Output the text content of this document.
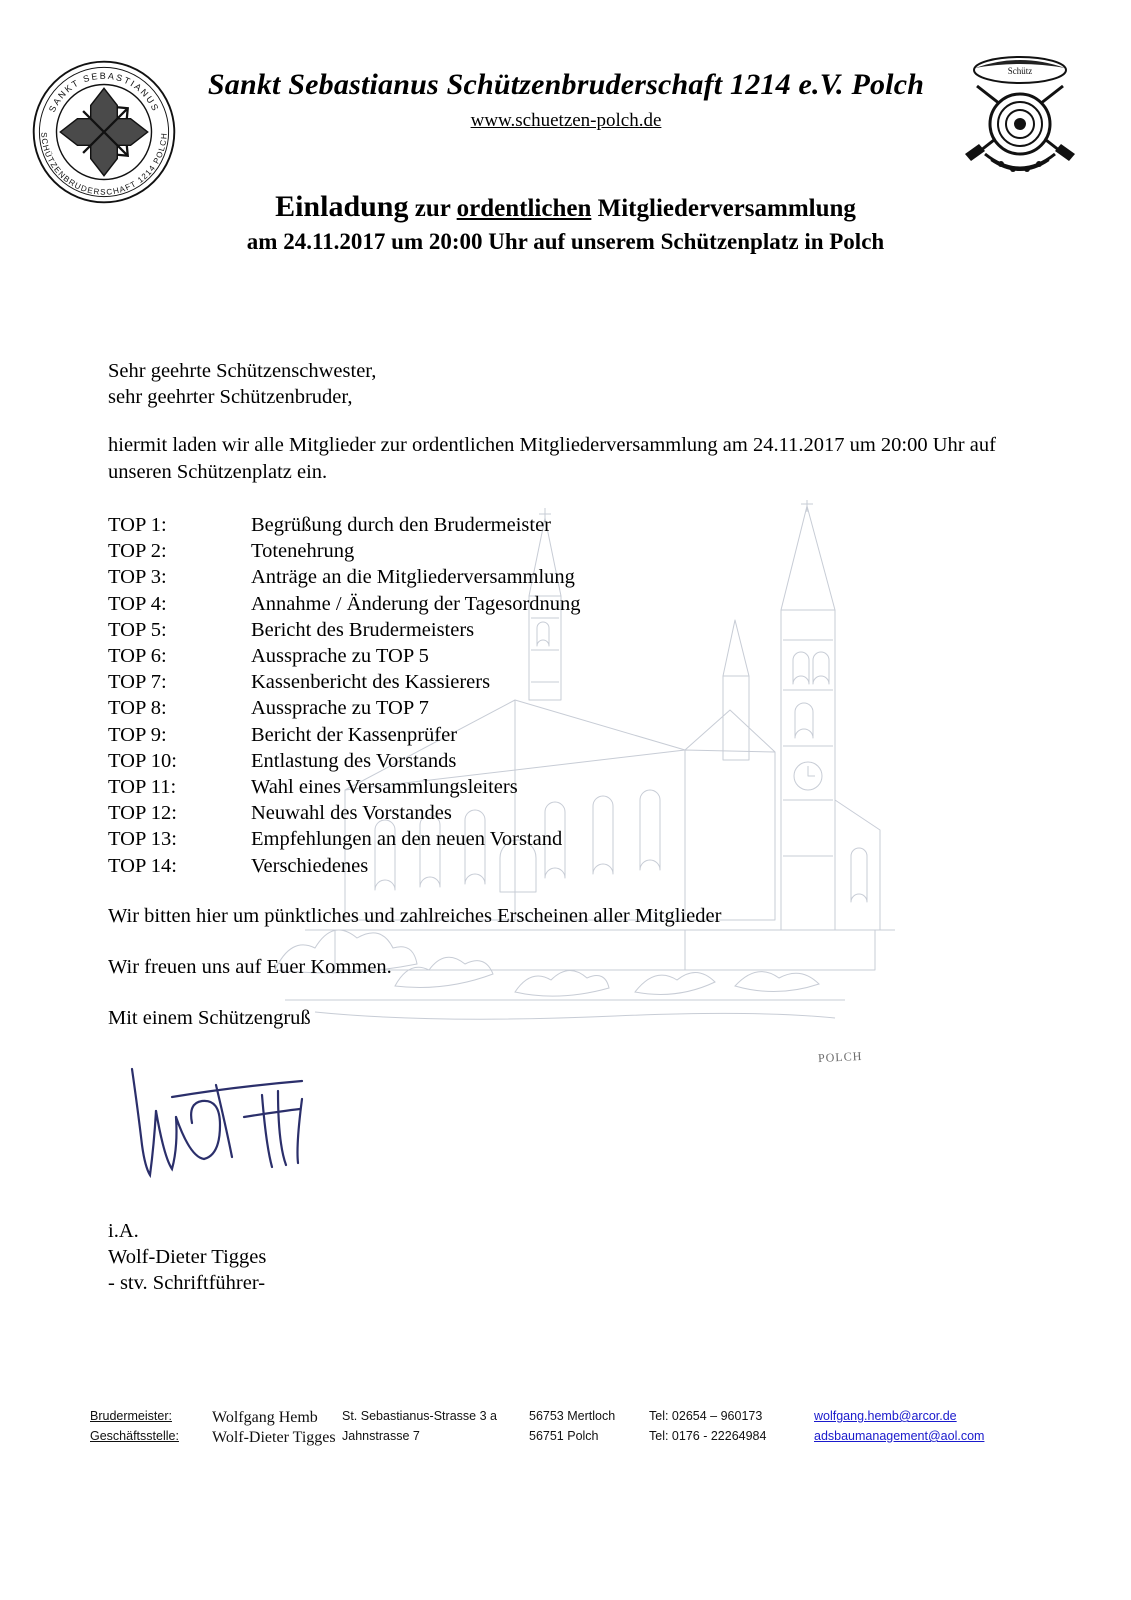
SANKT SEBASTIANUS
SCHÜTZENBRUDERSCHAFT 1214 POLCH
Schütz
Sankt Sebastianus Schützenbruderschaft 1214 e.V. Polch
www.schuetzen-polch.de
Einladung zur ordentlichen Mitgliederversammlung
am 24.11.2017 um 20:00 Uhr auf unserem Schützenplatz in Polch
POLCH
Sehr geehrte Schützenschwester,
sehr geehrter Schützenbruder,
hiermit laden wir alle Mitglieder zur ordentlichen Mitgliederversammlung am 24.11.2017 um 20:00 Uhr auf unseren Schützenplatz ein.
TOP 1:	Begrüßung durch den Brudermeister
TOP 2:	Totenehrung
TOP 3:	Anträge an die Mitgliederversammlung
TOP 4:	Annahme / Änderung der Tagesordnung
TOP 5:	Bericht des Brudermeisters
TOP 6:	Aussprache zu TOP 5
TOP 7:	Kassenbericht des Kassierers
TOP 8:	Aussprache zu TOP 7
TOP 9:	Bericht der Kassenprüfer
TOP 10:	Entlastung des Vorstands
TOP 11:	Wahl eines Versammlungsleiters
TOP 12:	Neuwahl des Vorstandes
TOP 13:	Empfehlungen an den neuen Vorstand
TOP 14:	Verschiedenes
Wir bitten hier um pünktliches und zahlreiches Erscheinen aller Mitglieder
Wir freuen uns auf Euer Kommen.
Mit einem Schützengruß
i.A.
Wolf-Dieter Tigges
- stv. Schriftführer-
Brudermeister:	Wolfgang Hemb	St. Sebastianus-Strasse 3 a	56753 Mertloch	Tel: 02654 – 960173	wolfgang.hemb@arcor.de
Geschäftsstelle:	Wolf-Dieter Tigges	Jahnstrasse 7	56751 Polch	Tel: 0176 - 22264984	adsbaumanagement@aol.com
